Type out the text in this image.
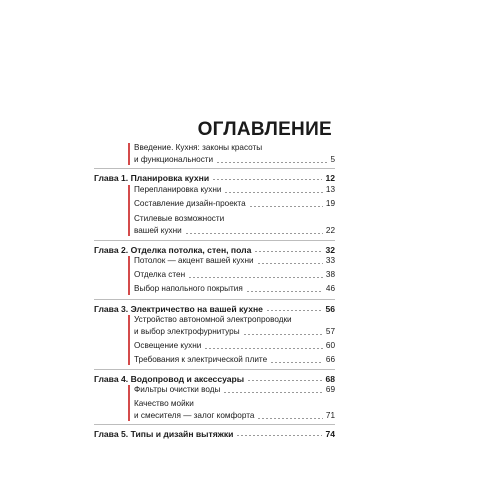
ОГЛАВЛЕНИЕ
Введение. Кухня: законы красоты
и функциональности	5
Глава 1. Планировка кухни	12
Перепланировка кухни	13
Составление дизайн-проекта	19
Стилевые возможности
вашей кухни	22
Глава 2. Отделка потолка, стен, пола	32
Потолок — акцент вашей кухни	33
Отделка стен	38
Выбор напольного покрытия	46
Глава 3. Электричество на вашей кухне	56
Устройство автономной электропроводки
и выбор электрофурнитуры	57
Освещение кухни	60
Требования к электрической плите	66
Глава 4. Водопровод и аксессуары	68
Фильтры очистки воды	69
Качество мойки
и смесителя — залог комфорта	71
Глава 5. Типы и дизайн вытяжки	74
